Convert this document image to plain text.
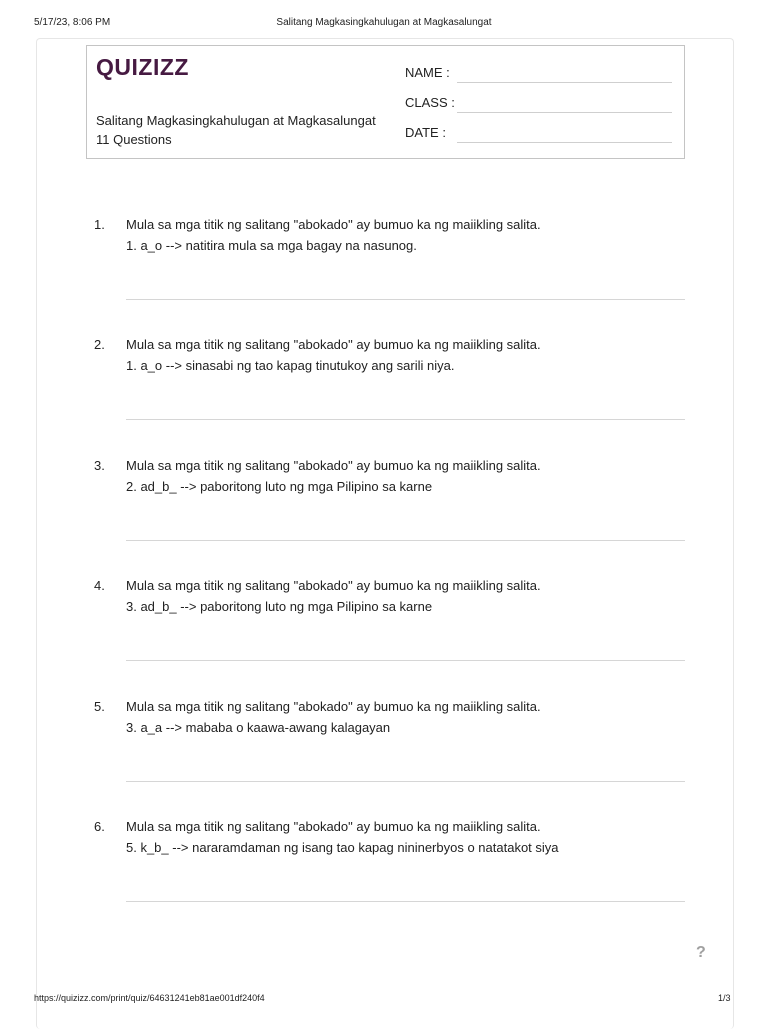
5/17/23, 8:06 PM	Salitang Magkasingkahulugan at Magkasalungat
QUIZIZZ
Salitang Magkasingkahulugan at Magkasalungat
11 Questions
NAME :
CLASS :
DATE :
1. Mula sa mga titik ng salitang "abokado" ay bumuo ka ng maiikling salita.
1. a_o --> natitira mula sa mga bagay na nasunog.
2. Mula sa mga titik ng salitang "abokado" ay bumuo ka ng maiikling salita.
1. a_o --> sinasabi ng tao kapag tinutukoy ang sarili niya.
3. Mula sa mga titik ng salitang "abokado" ay bumuo ka ng maiikling salita.
2. ad_b_ --> paboritong luto ng mga Pilipino sa karne
4. Mula sa mga titik ng salitang "abokado" ay bumuo ka ng maiikling salita.
3. ad_b_ --> paboritong luto ng mga Pilipino sa karne
5. Mula sa mga titik ng salitang "abokado" ay bumuo ka ng maiikling salita.
3. a_a --> mababa o kaawa-awang kalagayan
6. Mula sa mga titik ng salitang "abokado" ay bumuo ka ng maiikling salita.
5. k_b_ --> nararamdaman ng isang tao kapag nininerbyos o natatakot siya
?
https://quizizz.com/print/quiz/64631241eb81ae001df240f4	1/3
